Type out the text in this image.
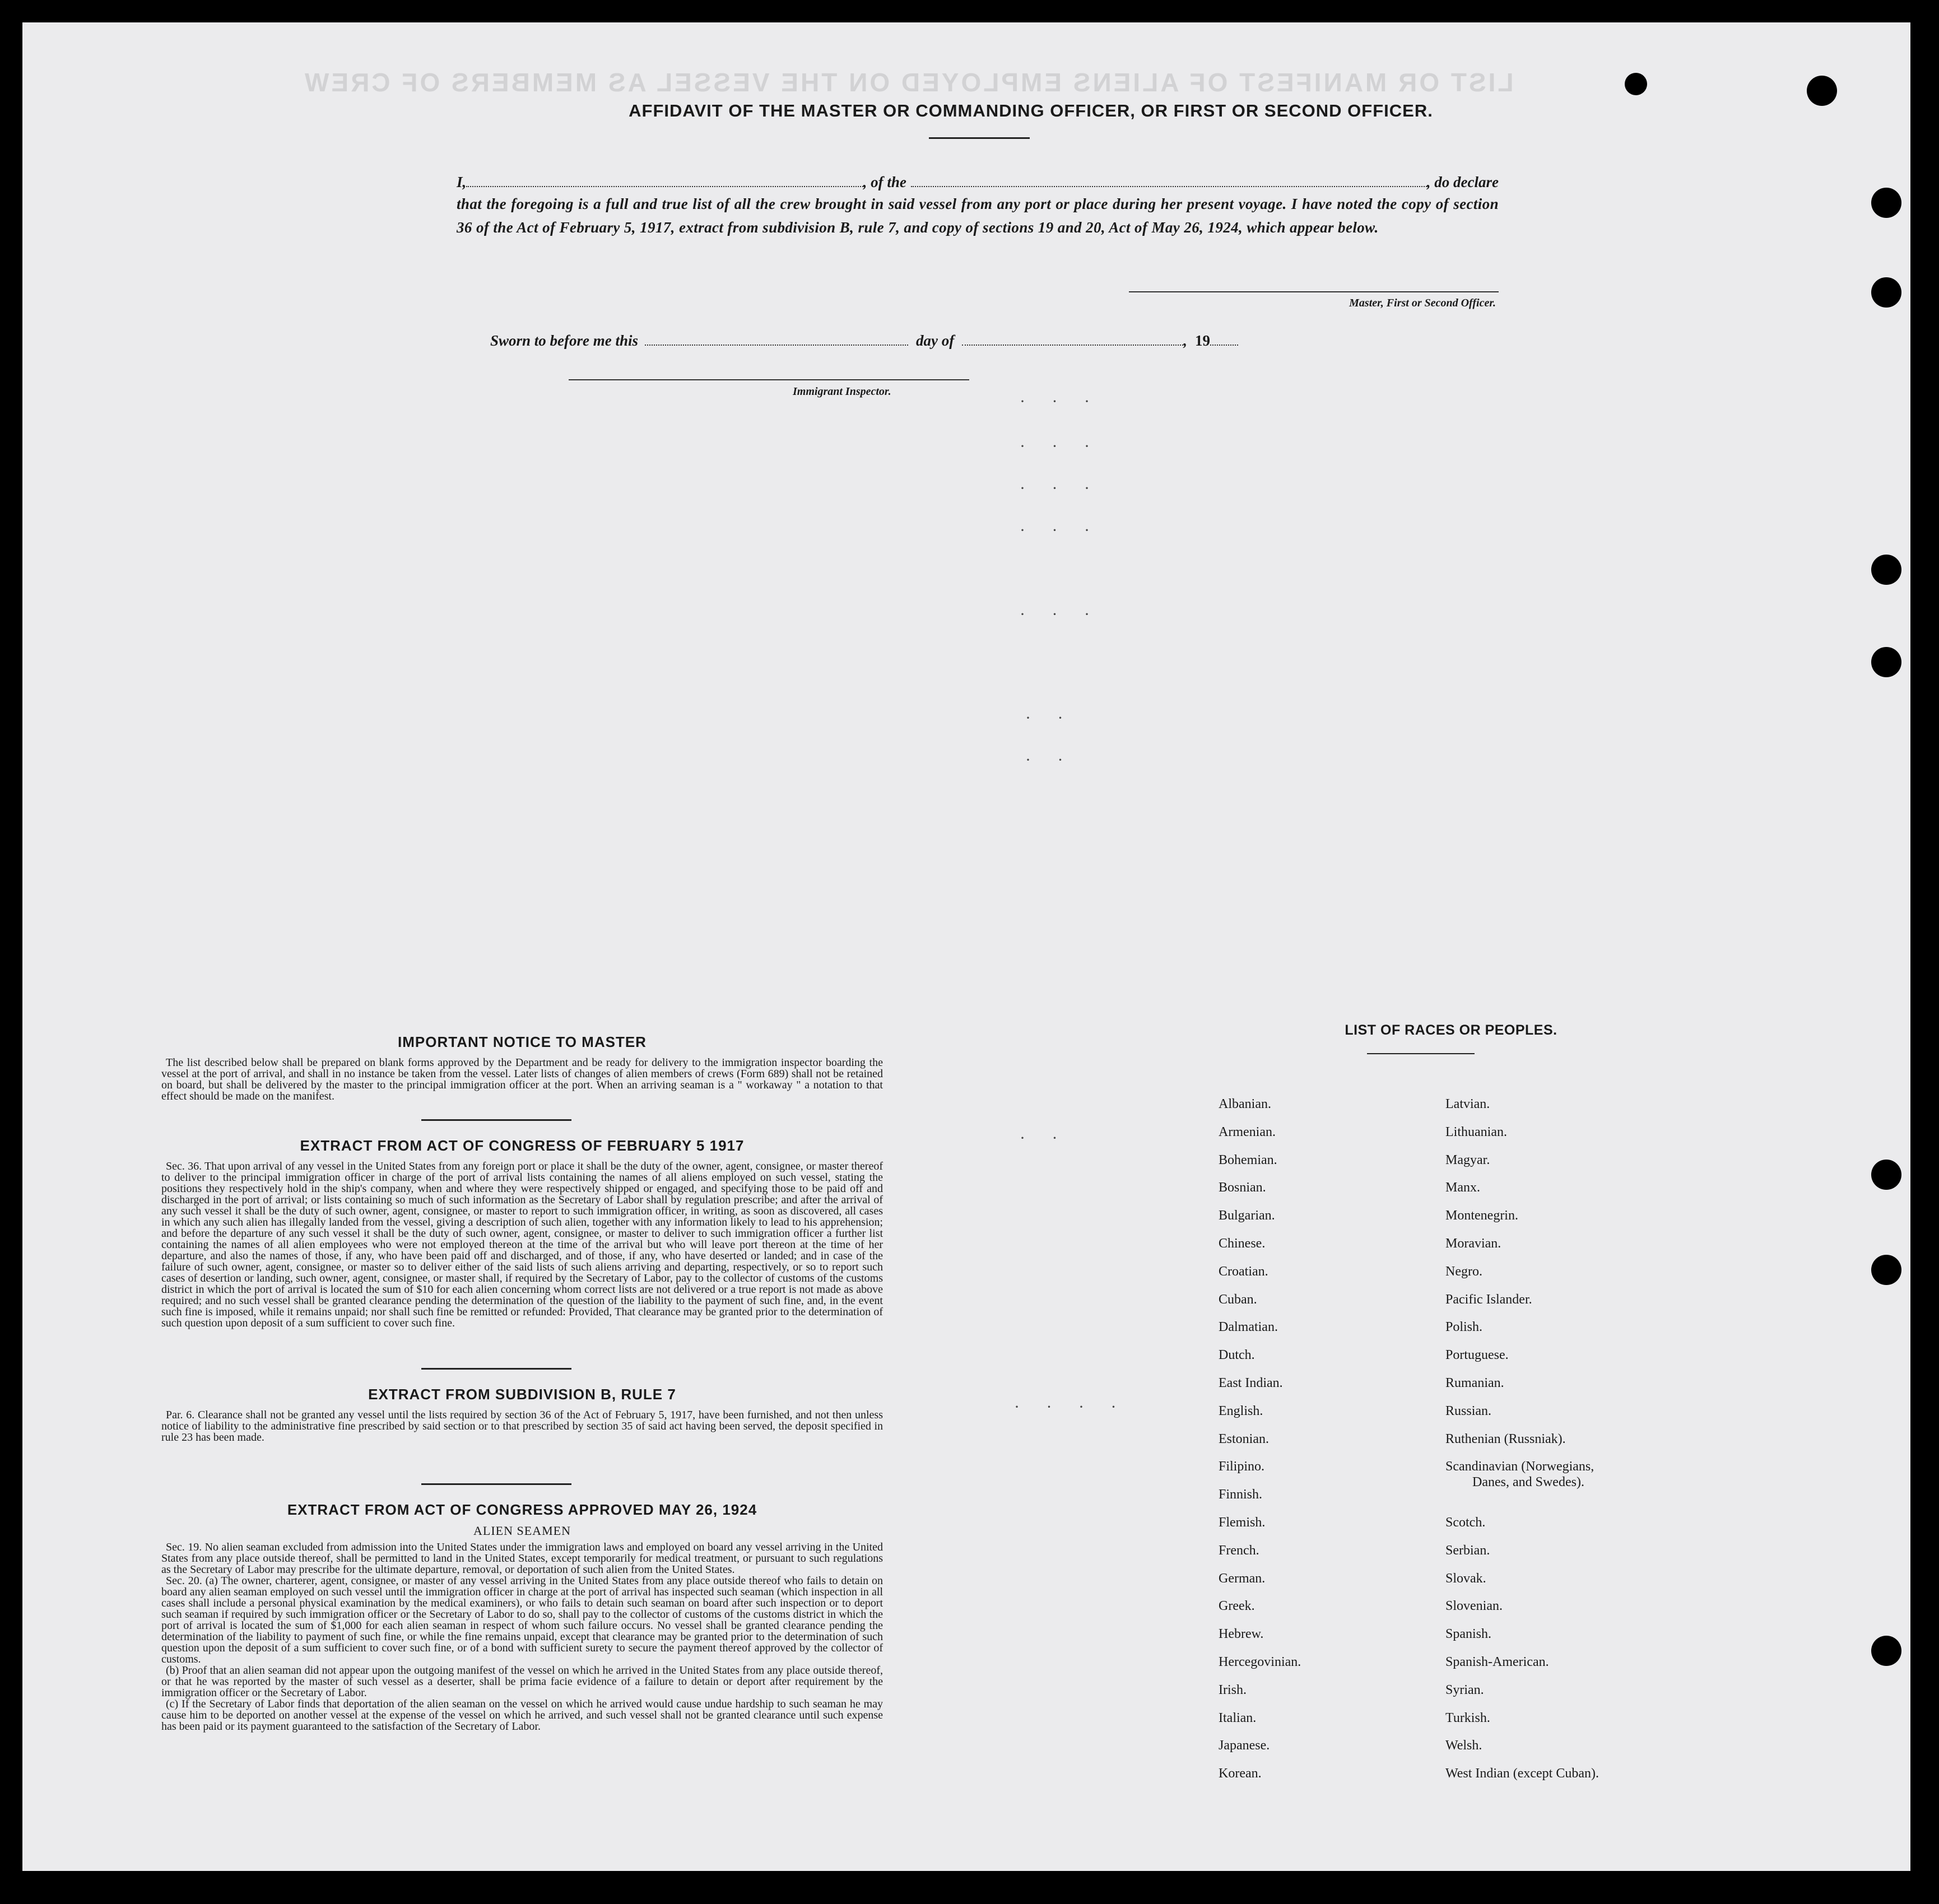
LIST OR MANIFEST OF ALIENS EMPLOYED ON THE VESSEL AS MEMBERS OF CREW
· · ·
· · ·
· · ·
· · ·
· · ·
· ·
· ·
· ·
· · · ·
AFFIDAVIT OF THE MASTER OR COMMANDING OFFICER, OR FIRST OR SECOND OFFICER.
I,	, of the	, do declare
that the foregoing is a full and true list of all the crew brought in said vessel from any port or place during her present voyage. I have noted the copy of section 36 of the Act of February 5, 1917, extract from subdivision B, rule 7, and copy of sections 19 and 20, Act of May 26, 1924, which appear below.
Master, First or Second Officer.
Sworn to before me this	day of	, 19
Immigrant Inspector.
IMPORTANT NOTICE TO MASTER

The list described below shall be prepared on blank forms approved by the Department and be ready for delivery to the immigration inspector boarding the vessel at the port of arrival, and shall in no instance be taken from the vessel. Later lists of changes of alien members of crews (Form 689) shall not be retained on board, but shall be delivered by the master to the principal immigration officer at the port. When an arriving seaman is a " workaway " a notation to that effect should be made on the manifest.

EXTRACT FROM ACT OF CONGRESS OF FEBRUARY 5 1917

Sec. 36. That upon arrival of any vessel in the United States from any foreign port or place it shall be the duty of the owner, agent, consignee, or master thereof to deliver to the principal immigration officer in charge of the port of arrival lists containing the names of all aliens employed on such vessel, stating the positions they respectively hold in the ship's company, when and where they were respectively shipped or engaged, and specifying those to be paid off and discharged in the port of arrival; or lists containing so much of such information as the Secretary of Labor shall by regulation prescribe; and after the arrival of any such vessel it shall be the duty of such owner, agent, consignee, or master to report to such immigration officer, in writing, as soon as discovered, all cases in which any such alien has illegally landed from the vessel, giving a description of such alien, together with any information likely to lead to his apprehension; and before the departure of any such vessel it shall be the duty of such owner, agent, consignee, or master to deliver to such immigration officer a further list containing the names of all alien employees who were not employed thereon at the time of the arrival but who will leave port thereon at the time of her departure, and also the names of those, if any, who have been paid off and discharged, and of those, if any, who have deserted or landed; and in case of the failure of such owner, agent, consignee, or master so to deliver either of the said lists of such aliens arriving and departing, respectively, or so to report such cases of desertion or landing, such owner, agent, consignee, or master shall, if required by the Secretary of Labor, pay to the collector of customs of the customs district in which the port of arrival is located the sum of $10 for each alien concerning whom correct lists are not delivered or a true report is not made as above required; and no such vessel shall be granted clearance pending the determination of the question of the liability to the payment of such fine, and, in the event such fine is imposed, while it remains unpaid; nor shall such fine be remitted or refunded: Provided, That clearance may be granted prior to the determination of such question upon deposit of a sum sufficient to cover such fine.

EXTRACT FROM SUBDIVISION B, RULE 7

Par. 6. Clearance shall not be granted any vessel until the lists required by section 36 of the Act of February 5, 1917, have been furnished, and not then unless notice of liability to the administrative fine prescribed by said section or to that prescribed by section 35 of said act having been served, the deposit specified in rule 23 has been made.

EXTRACT FROM ACT OF CONGRESS APPROVED MAY 26, 1924
ALIEN SEAMEN

Sec. 19. No alien seaman excluded from admission into the United States under the immigration laws and employed on board any vessel arriving in the United States from any place outside thereof, shall be permitted to land in the United States, except temporarily for medical treatment, or pursuant to such regulations as the Secretary of Labor may prescribe for the ultimate departure, removal, or deportation of such alien from the United States.

Sec. 20. (a) The owner, charterer, agent, consignee, or master of any vessel arriving in the United States from any place outside thereof who fails to detain on board any alien seaman employed on such vessel until the immigration officer in charge at the port of arrival has inspected such seaman (which inspection in all cases shall include a personal physical examination by the medical examiners), or who fails to detain such seaman on board after such inspection or to deport such seaman if required by such immigration officer or the Secretary of Labor to do so, shall pay to the collector of customs of the customs district in which the port of arrival is located the sum of $1,000 for each alien seaman in respect of whom such failure occurs. No vessel shall be granted clearance pending the determination of the liability to payment of such fine, or while the fine remains unpaid, except that clearance may be granted prior to the determination of such question upon the deposit of a sum sufficient to cover such fine, or of a bond with sufficient surety to secure the payment thereof approved by the collector of customs.

(b) Proof that an alien seaman did not appear upon the outgoing manifest of the vessel on which he arrived in the United States from any place outside thereof, or that he was reported by the master of such vessel as a deserter, shall be prima facie evidence of a failure to detain or deport after requirement by the immigration officer or the Secretary of Labor.

(c) If the Secretary of Labor finds that deportation of the alien seaman on the vessel on which he arrived would cause undue hardship to such seaman he may cause him to be deported on another vessel at the expense of the vessel on which he arrived, and such vessel shall not be granted clearance until such expense has been paid or its payment guaranteed to the satisfaction of the Secretary of Labor.

LIST OF RACES OR PEOPLES.
Albanian.
Armenian.
Bohemian.
Bosnian.
Bulgarian.
Chinese.
Croatian.
Cuban.
Dalmatian.
Dutch.
East Indian.
English.
Estonian.
Filipino.
Finnish.
Flemish.
French.
German.
Greek.
Hebrew.
Hercegovinian.
Irish.
Italian.
Japanese.
Korean.
Latvian.
Lithuanian.
Magyar.
Manx.
Montenegrin.
Moravian.
Negro.
Pacific Islander.
Polish.
Portuguese.
Rumanian.
Russian.
Ruthenian (Russniak).
Scandinavian (Norwegians,
Danes, and Swedes).
Scotch.
Serbian.
Slovak.
Slovenian.
Spanish.
Spanish-American.
Syrian.
Turkish.
Welsh.
West Indian (except Cuban).
